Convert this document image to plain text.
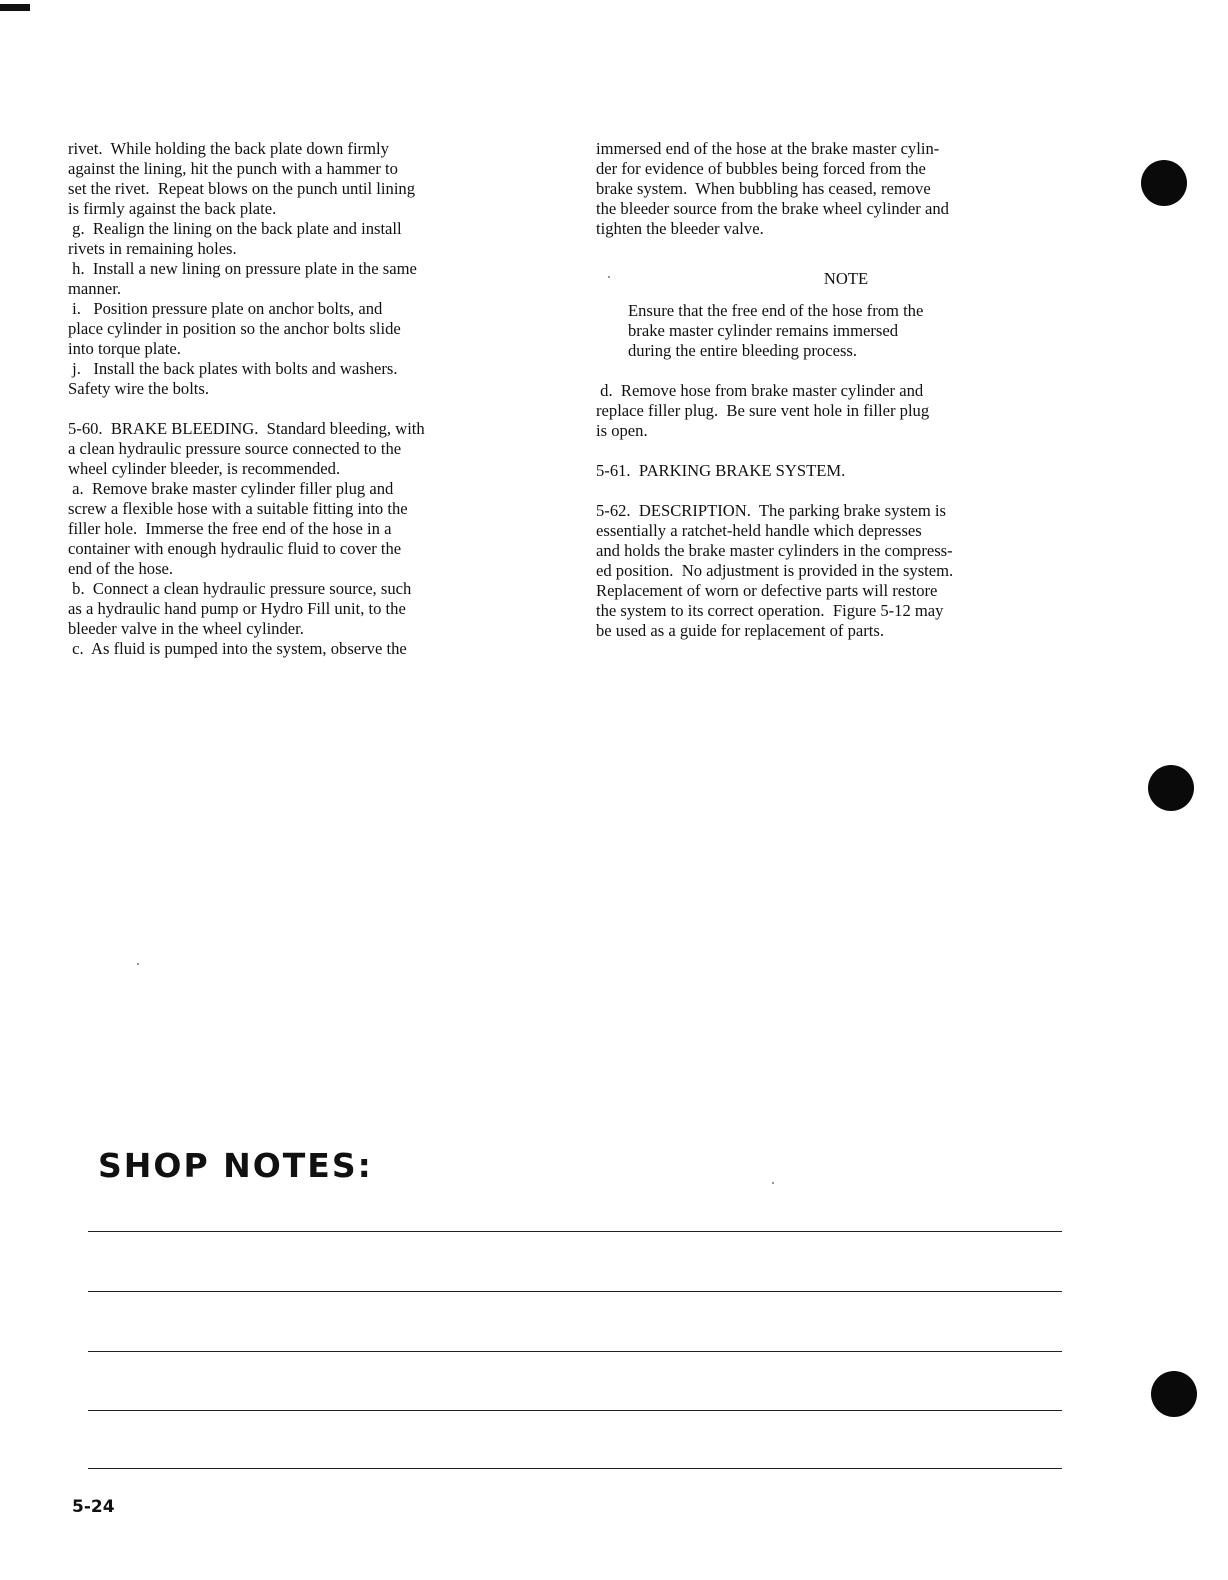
rivet.  While holding the back plate down firmly

against the lining, hit the punch with a hammer to

set the rivet.  Repeat blows on the punch until lining

is firmly against the back plate.

g.  Realign the lining on the back plate and install

rivets in remaining holes.

h.  Install a new lining on pressure plate in the same

manner.

i.   Position pressure plate on anchor bolts, and

place cylinder in position so the anchor bolts slide

into torque plate.

j.   Install the back plates with bolts and washers.

Safety wire the bolts.

5-60.  BRAKE BLEEDING.  Standard bleeding, with

a clean hydraulic pressure source connected to the

wheel cylinder bleeder, is recommended.

a.  Remove brake master cylinder filler plug and

screw a flexible hose with a suitable fitting into the

filler hole.  Immerse the free end of the hose in a

container with enough hydraulic fluid to cover the

end of the hose.

b.  Connect a clean hydraulic pressure source, such

as a hydraulic hand pump or Hydro Fill unit, to the

bleeder valve in the wheel cylinder.

c.  As fluid is pumped into the system, observe the

immersed end of the hose at the brake master cylin-

der for evidence of bubbles being forced from the

brake system.  When bubbling has ceased, remove

the bleeder source from the brake wheel cylinder and

tighten the bleeder valve.

NOTE

Ensure that the free end of the hose from the

brake master cylinder remains immersed

during the entire bleeding process.

d.  Remove hose from brake master cylinder and

replace filler plug.  Be sure vent hole in filler plug

is open.

5-61.  PARKING BRAKE SYSTEM.

5-62.  DESCRIPTION.  The parking brake system is

essentially a ratchet-held handle which depresses

and holds the brake master cylinders in the compress-

ed position.  No adjustment is provided in the system.

Replacement of worn or defective parts will restore

the system to its correct operation.  Figure 5-12 may

be used as a guide for replacement of parts.

SHOP NOTES:

5-24
